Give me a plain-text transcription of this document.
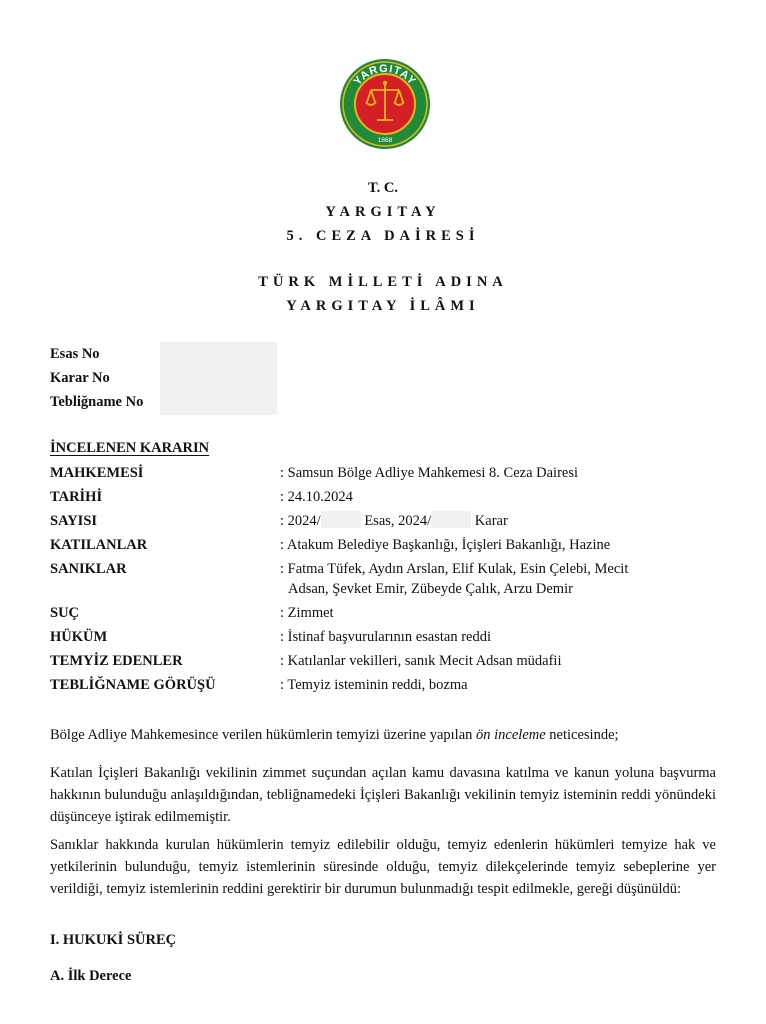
YARGITAY
1868
T. C.
YARGITAY
5. CEZA DAİRESİ
TÜRK MİLLETİ ADINA
YARGITAY İLÂMI
Esas No
Karar No
Tebliğname No
İNCELENEN KARARIN
MAHKEMESİ	: Samsun Bölge Adliye Mahkemesi 8. Ceza Dairesi
TARİHİ	: 24.10.2024
SAYISI	: 2024/	Esas, 2024/	Karar
KATILANLAR	: Atakum Belediye Başkanlığı, İçişleri Bakanlığı, Hazine
SANIKLAR	: Fatma Tüfek, Aydın Arslan, Elif Kulak, Esin Çelebi, Mecit
Adsan, Şevket Emir, Zübeyde Çalık, Arzu Demir
SUÇ	: Zimmet
HÜKÜM	: İstinaf başvurularının esastan reddi
TEMYİZ EDENLER	: Katılanlar vekilleri, sanık Mecit Adsan müdafii
TEBLİĞNAME GÖRÜŞÜ	: Temyiz isteminin reddi, bozma
Bölge Adliye Mahkemesince verilen hükümlerin temyizi üzerine yapılan ön inceleme neticesinde;
Katılan İçişleri Bakanlığı vekilinin zimmet suçundan açılan kamu davasına katılma ve kanun yoluna başvurma hakkının bulunduğu anlaşıldığından, tebliğnamedeki İçişleri Bakanlığı vekilinin temyiz isteminin reddi yönündeki düşünceye iştirak edilmemiştir.
Sanıklar hakkında kurulan hükümlerin temyiz edilebilir olduğu, temyiz edenlerin hükümleri temyize hak ve yetkilerinin bulunduğu, temyiz istemlerinin süresinde olduğu, temyiz dilekçelerinde temyiz sebeplerine yer verildiği, temyiz istemlerinin reddini gerektirir bir durumun bulunmadığı tespit edilmekle, gereği düşünüldü:
I. HUKUKİ SÜREÇ
A. İlk Derece
